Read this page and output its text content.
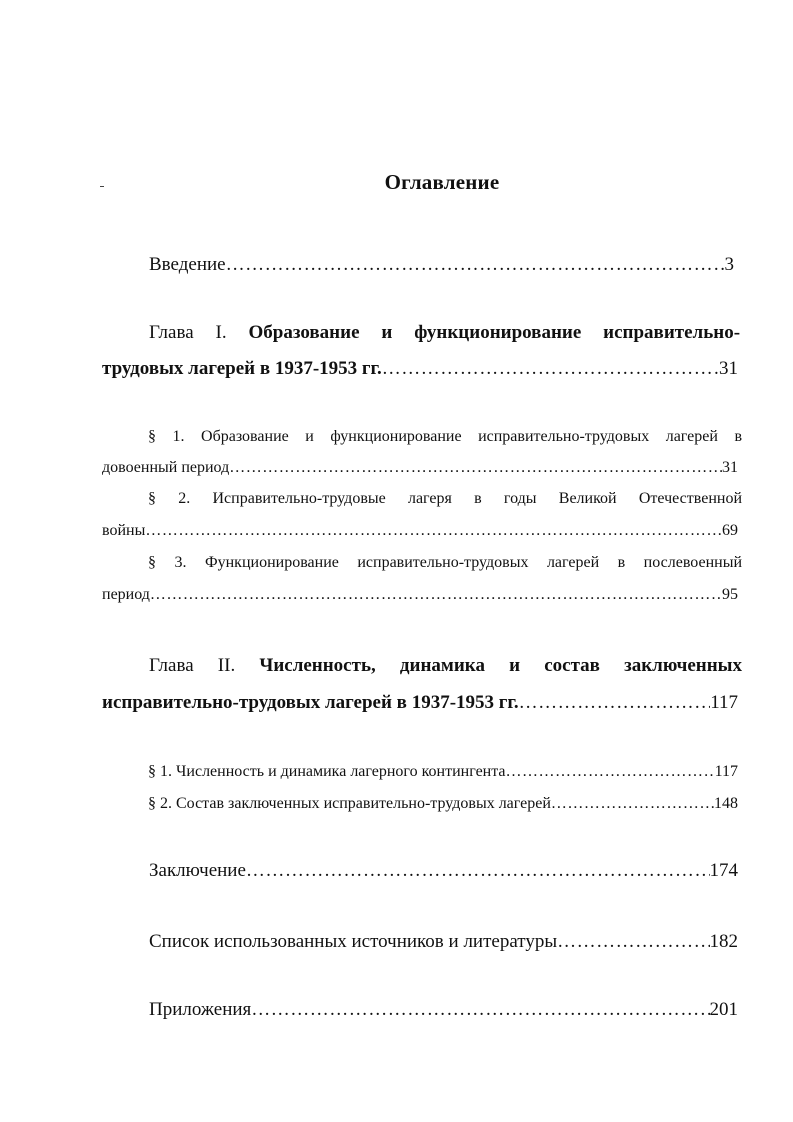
Оглавление
Введение …………………………………………………………………………………………………………………………………………………………………………………………………………	3
Глава I. Образование и функционирование исправительно-
трудовых лагерей в 1937-1953 гг. …………………………………………………………………………………………………………………………………………………………………………………………………………	31
§ 1. Образование и функционирование исправительно-трудовых лагерей в
довоенный период …………………………………………………………………………………………………………………………………………………………………………………………………………	31
§ 2. Исправительно-трудовые лагеря в годы Великой Отечественной
войны …………………………………………………………………………………………………………………………………………………………………………………………………………	69
§ 3. Функционирование исправительно-трудовых лагерей в послевоенный
период …………………………………………………………………………………………………………………………………………………………………………………………………………	95
Глава II. Численность, динамика и состав заключенных
исправительно-трудовых лагерей в 1937-1953 гг. …………………………………………………………………………………………………………………………………………………………………………………………………………	117
§ 1. Численность и динамика лагерного контингента …………………………………………………………………………………………………………………………………………………………………………………………………………	117
§ 2. Состав заключенных исправительно-трудовых лагерей …………………………………………………………………………………………………………………………………………………………………………………………………………	148
Заключение …………………………………………………………………………………………………………………………………………………………………………………………………………	174
Список использованных источников и литературы …………………………………………………………………………………………………………………………………………………………………………………………………………	182
Приложения …………………………………………………………………………………………………………………………………………………………………………………………………………	201
